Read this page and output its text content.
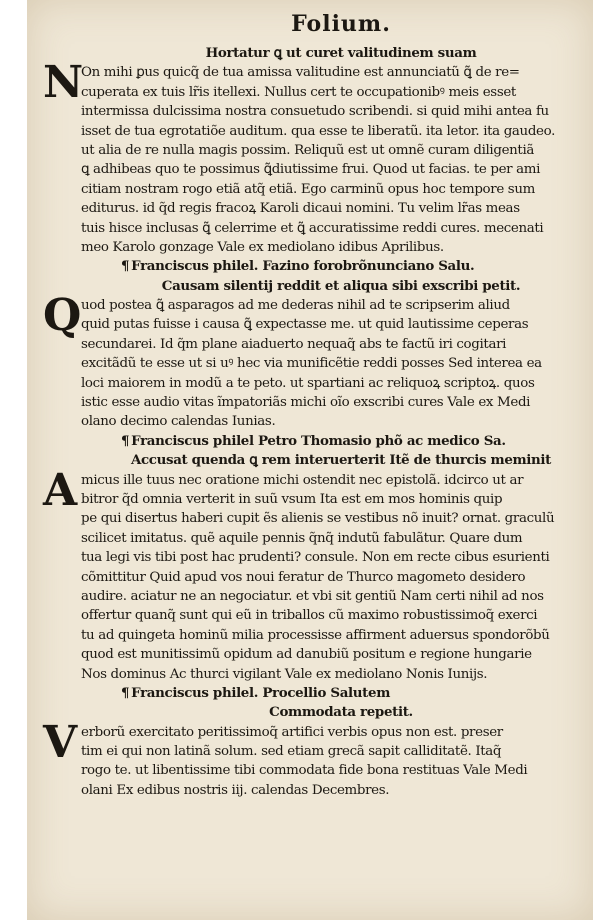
Folium.
Hortatur ꝗ ut curet valitudinem suam
N
On mihi ꝑus quicq̃ de tua amissa valitudine est annunciatũ ꝗ̃ de re=
cuperata ex tuis lr̃is itellexi. Nullus cert te occupationibꝰ meis esset
intermissa dulcissima nostra consuetudo scribendi. si quid mihi antea fu
isset de tua egrotatiõe auditum. qua esse te liberatũ. ita letor. ita gaudeo.
ut alia de re nulla magis possim. Reliquũ est ut omnẽ curam diligentiã
ꝗ adhibeas quo te possimus ꝗ̃diutissime frui. Quod ut facias. te per ami
citiam nostram rogo etiã atq̃ etiã. Ego carminũ opus hoc tempore sum
editurus. id q̃d regis fracoꝝ Karoli dicaui nomini. Tu velim lr̃as meas
tuis hisce inclusas ꝗ̃ celerrime et ꝗ̃ accuratissime reddi cures. mecenati
meo Karolo gonzage Vale ex mediolano idibus Aprilibus.
¶ Franciscus philel. Fazino forobrõnunciano Salu.
Causam silentij reddit et aliqua sibi exscribi petit.
Q uod postea ꝗ̃ asparagos ad me dederas nihil ad te scripserim aliud
quid putas fuisse i causa ꝗ̃ expectasse me. ut quid lautissime ceperas
secundarei. Id q̃m plane aiaduerto nequaq̃ abs te factũ iri cogitari
excitãdũ te esse ut si uꝰ hec via munificẽtie reddi posses Sed interea ea
loci maiorem in modũ a te peto. ut spartiani ac reliquoꝝ scriptoꝝ. quos
istic esse audio vitas ĩmpatoriãs michi oĩo exscribi cures Vale ex Medi
olano decimo calendas Iunias.
¶ Franciscus philel Petro Thomasio phõ ac medico Sa.
Accusat quenda ꝗ rem interuerterit Itẽ de thurcis meminit
A micus ille tuus nec oratione michi ostendit nec epistolã. idcirco ut ar
bitror q̃d omnia verterit in suũ vsum Ita est em mos hominis quip
pe qui disertus haberi cupit ẽs alienis se vestibus nõ inuit? ornat. graculũ
scilicet imitatus. quẽ aquile pennis q̃nq̃ indutũ fabulãtur. Quare dum
tua legi vis tibi post hac prudenti? consule. Non em recte cibus esurienti
cõmittitur Quid apud vos noui feratur de Thurco magometo desidero
audire. aciatur ne an negociatur. et vbi sit gentiũ Nam certi nihil ad nos
offertur quanq̃ sunt qui eũ in triballos cũ maximo robustissimoq̃ exerci
tu ad quingeta hominũ milia processisse affirment aduersus spondorõbũ
quod est munitissimũ opidum ad danubiũ positum e regione hungarie
Nos dominus Ac thurci vigilant Vale ex mediolano Nonis Iunijs.
¶ Franciscus philel. Procellio Salutem
Commodata repetit.
V erborũ exercitato peritissimoq̃ artifici verbis opus non est. preser
tim ei qui non latinã solum. sed etiam grecã sapit calliditatẽ. Itaq̃
rogo te. ut libentissime tibi commodata fide bona restituas Vale Medi
olani Ex edibus nostris iij. calendas Decembres.
